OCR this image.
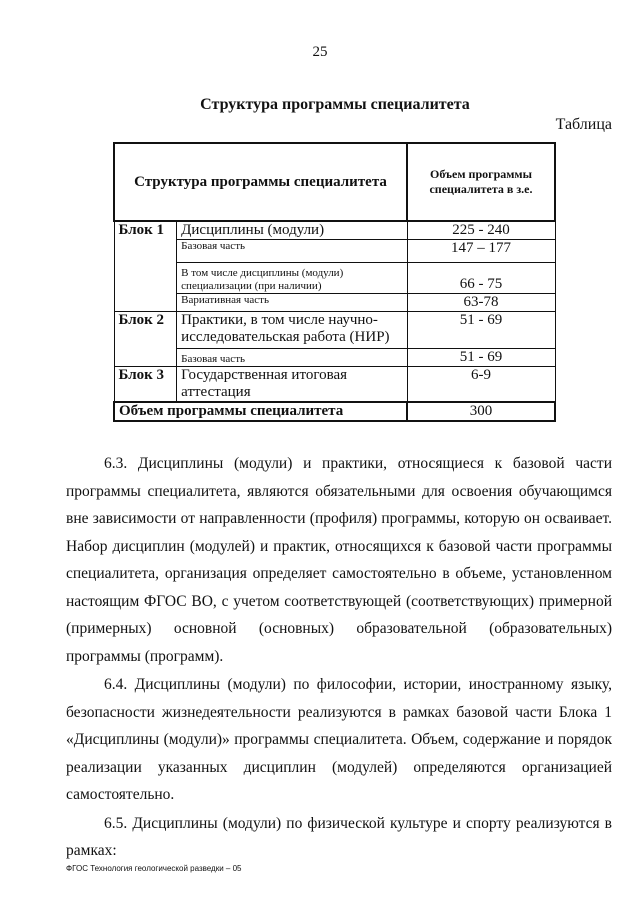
25
Структура программы специалитета
Таблица
Структура программы специалитета		Объем программы специалитета в з.е.
Блок 1	Дисциплины (модули)	225 - 240
	Базовая часть	147 – 177
	В том числе дисциплины (модули) специализации (при наличии)	66 - 75
	Вариативная часть	63-78
Блок 2	Практики, в том числе научно-исследовательская работа (НИР)	51 - 69
	Базовая часть	51 - 69
Блок 3	Государственная итоговая аттестация	6-9
Объем программы специалитета		300

6.3. Дисциплины (модули) и практики, относящиеся к базовой части программы специалитета, являются обязательными для освоения обучающимся вне зависимости от направленности (профиля) программы, которую он осваивает. Набор дисциплин (модулей) и практик, относящихся к базовой части программы специалитета, организация определяет самостоятельно в объеме, установленном настоящим ФГОС ВО, с учетом соответствующей (соответствующих) примерной (примерных) основной (основных) образовательной (образовательных) программы (программ).

6.4. Дисциплины (модули) по философии, истории, иностранному языку, безопасности жизнедеятельности реализуются в рамках базовой части Блока 1 «Дисциплины (модули)» программы специалитета. Объем, содержание и порядок реализации указанных дисциплин (модулей) определяются организацией самостоятельно.

6.5. Дисциплины (модули) по физической культуре и спорту реализуются в рамках:

ФГОС Технология геологической разведки – 05
